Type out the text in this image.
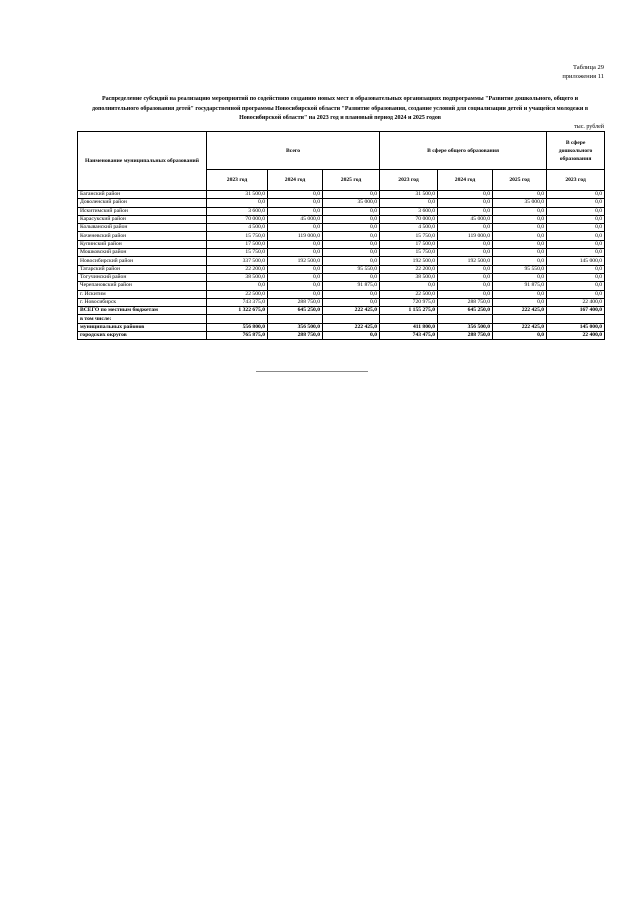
Таблица 29
приложения 11
Распределение субсидий на реализацию мероприятий по содействию созданию новых мест в образовательных организациях подпрограммы "Развитие дошкольного, общего и дополнительного образования детей" государственной программы Новосибирской области "Развитие образования, создание условий для социализации детей и учащейся молодежи в Новосибирской области" на 2023 год и плановый период 2024 и 2025 годов
тыс. рублей
Наименование муниципальных образований	Всего			В сфере общего образования			В сфере дошкольного образования
	2023 год	2024 год	2025 год	2023 год	2024 год	2025 год	2023 год
Баганский район	31 500,0	0,0	0,0	31 500,0	0,0	0,0	0,0
Доволенский район	0,0	0,0	35 000,0	0,0	0,0	35 000,0	0,0
Искитимский район	3 600,0	0,0	0,0	3 600,0	0,0	0,0	0,0
Карасукский район	70 000,0	45 000,0	0,0	70 000,0	45 000,0	0,0	0,0
Колыванский район	4 500,0	0,0	0,0	4 500,0	0,0	0,0	0,0
Коченевский район	15 750,0	119 000,0	0,0	15 750,0	119 000,0	0,0	0,0
Купинский район	17 500,0	0,0	0,0	17 500,0	0,0	0,0	0,0
Мошковский район	15 750,0	0,0	0,0	15 750,0	0,0	0,0	0,0
Новосибирский район	337 500,0	192 500,0	0,0	192 500,0	192 500,0	0,0	145 000,0
Татарский район	22 200,0	0,0	95 550,0	22 200,0	0,0	95 550,0	0,0
Тогучинский район	38 500,0	0,0	0,0	38 500,0	0,0	0,0	0,0
Черепановский район	0,0	0,0	91 875,0	0,0	0,0	91 875,0	0,0
г. Искитим	22 500,0	0,0	0,0	22 500,0	0,0	0,0	0,0
г. Новосибирск	743 375,0	288 750,0	0,0	720 975,0	288 750,0	0,0	22 400,0
ВСЕГО по местным бюджетам	1 322 675,0	645 250,0	222 425,0	1 155 275,0	645 250,0	222 425,0	167 400,0
в том числе:							
муниципальных районов	556 800,0	356 500,0	222 425,0	411 800,0	356 500,0	222 425,0	145 000,0
городских округов	765 875,0	288 750,0	0,0	743 475,0	288 750,0	0,0	22 400,0
